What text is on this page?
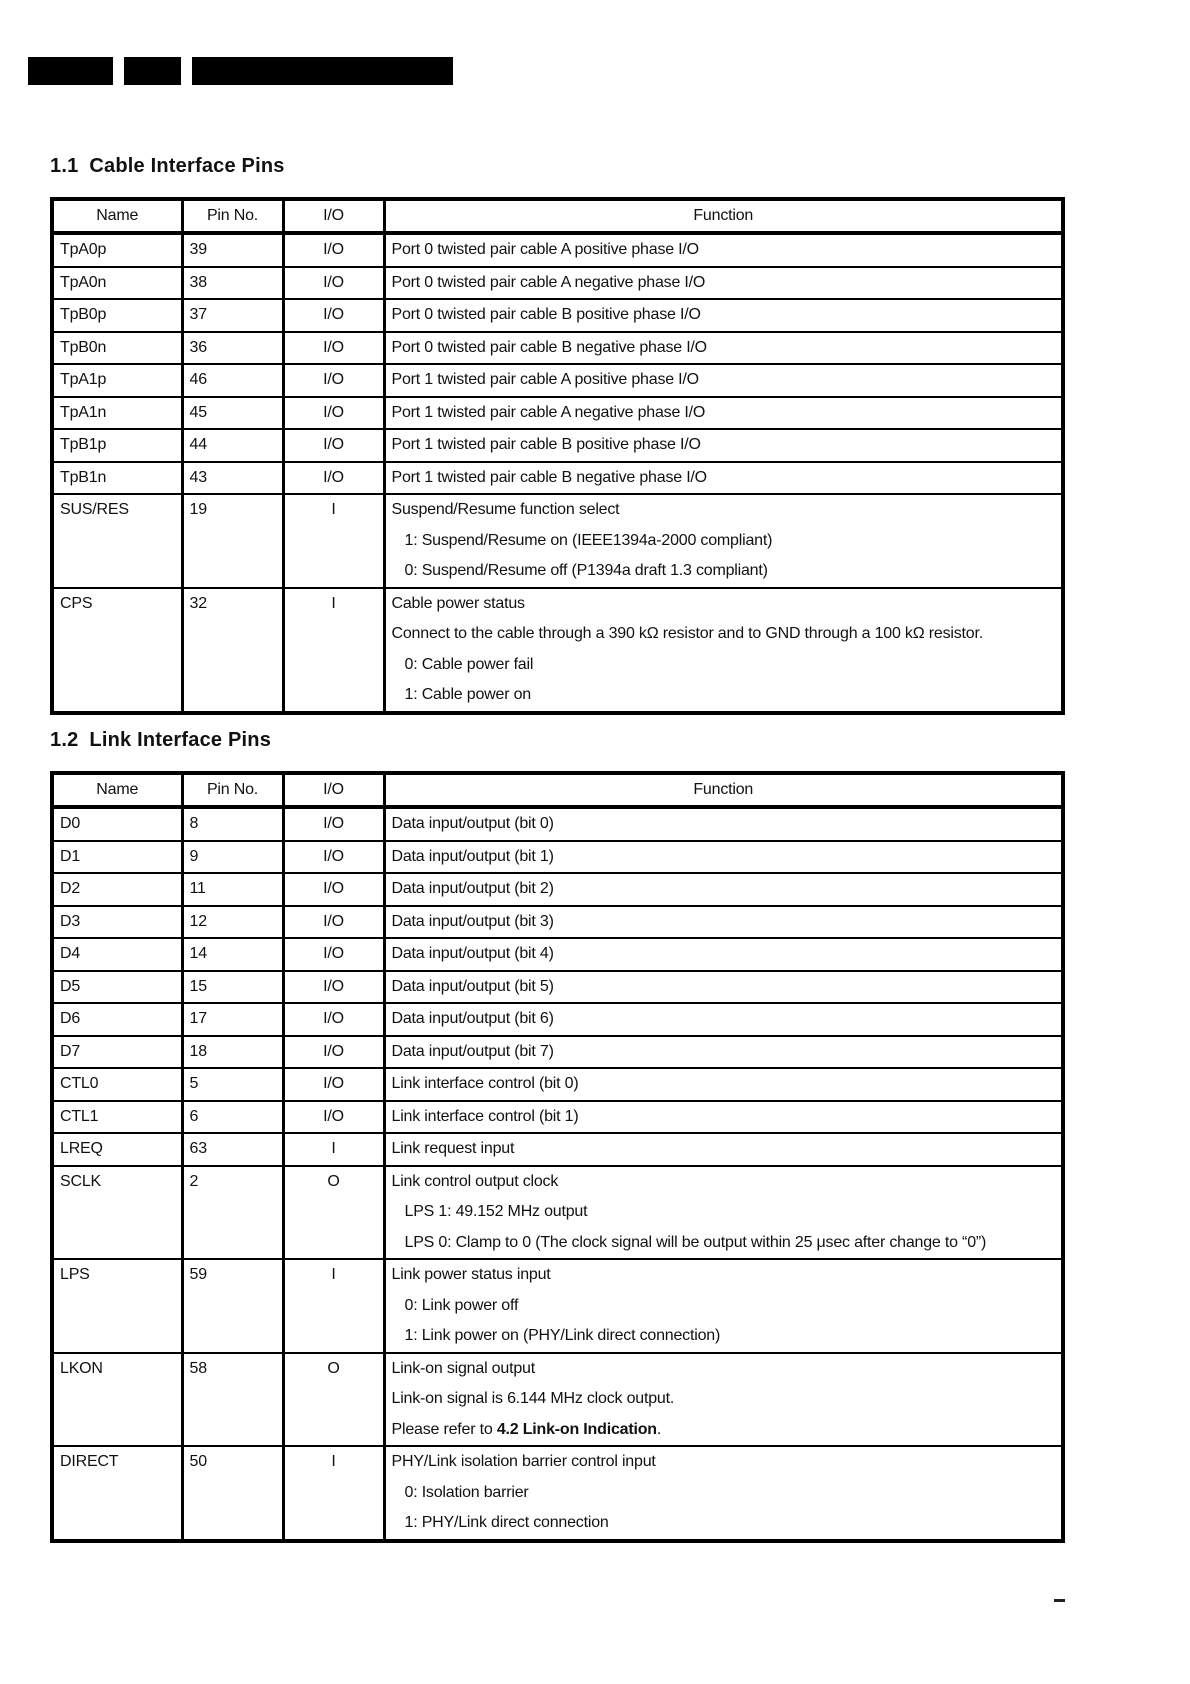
1.1 Cable Interface Pins
Name	Pin No.	I/O	Function
TpA0p	39	I/O	Port 0 twisted pair cable A positive phase I/O

TpA0n	38	I/O	Port 0 twisted pair cable A negative phase I/O

TpB0p	37	I/O	Port 0 twisted pair cable B positive phase I/O

TpB0n	36	I/O	Port 0 twisted pair cable B negative phase I/O

TpA1p	46	I/O	Port 1 twisted pair cable A positive phase I/O

TpA1n	45	I/O	Port 1 twisted pair cable A negative phase I/O

TpB1p	44	I/O	Port 1 twisted pair cable B positive phase I/O

TpB1n	43	I/O	Port 1 twisted pair cable B negative phase I/O

SUS/RES	19	I	Suspend/Resume function select
1: Suspend/Resume on (IEEE1394a-2000 compliant)
0: Suspend/Resume off (P1394a draft 1.3 compliant)

CPS	32	I	Cable power status
Connect to the cable through a 390 kΩ resistor and to GND through a 100 kΩ resistor.
0: Cable power fail
1: Cable power on
1.2 Link Interface Pins
Name	Pin No.	I/O	Function
D0	8	I/O	Data input/output (bit 0)

D1	9	I/O	Data input/output (bit 1)

D2	11	I/O	Data input/output (bit 2)

D3	12	I/O	Data input/output (bit 3)

D4	14	I/O	Data input/output (bit 4)

D5	15	I/O	Data input/output (bit 5)

D6	17	I/O	Data input/output (bit 6)

D7	18	I/O	Data input/output (bit 7)

CTL0	5	I/O	Link interface control (bit 0)

CTL1	6	I/O	Link interface control (bit 1)

LREQ	63	I	Link request input

SCLK	2	O	Link control output clock
LPS 1: 49.152 MHz output
LPS 0: Clamp to 0 (The clock signal will be output within 25 μsec after change to “0”)

LPS	59	I	Link power status input
0: Link power off
1: Link power on (PHY/Link direct connection)

LKON	58	O	Link-on signal output
Link-on signal is 6.144 MHz clock output.
Please refer to 4.2 Link-on Indication.

DIRECT	50	I	PHY/Link isolation barrier control input
0: Isolation barrier
1: PHY/Link direct connection
